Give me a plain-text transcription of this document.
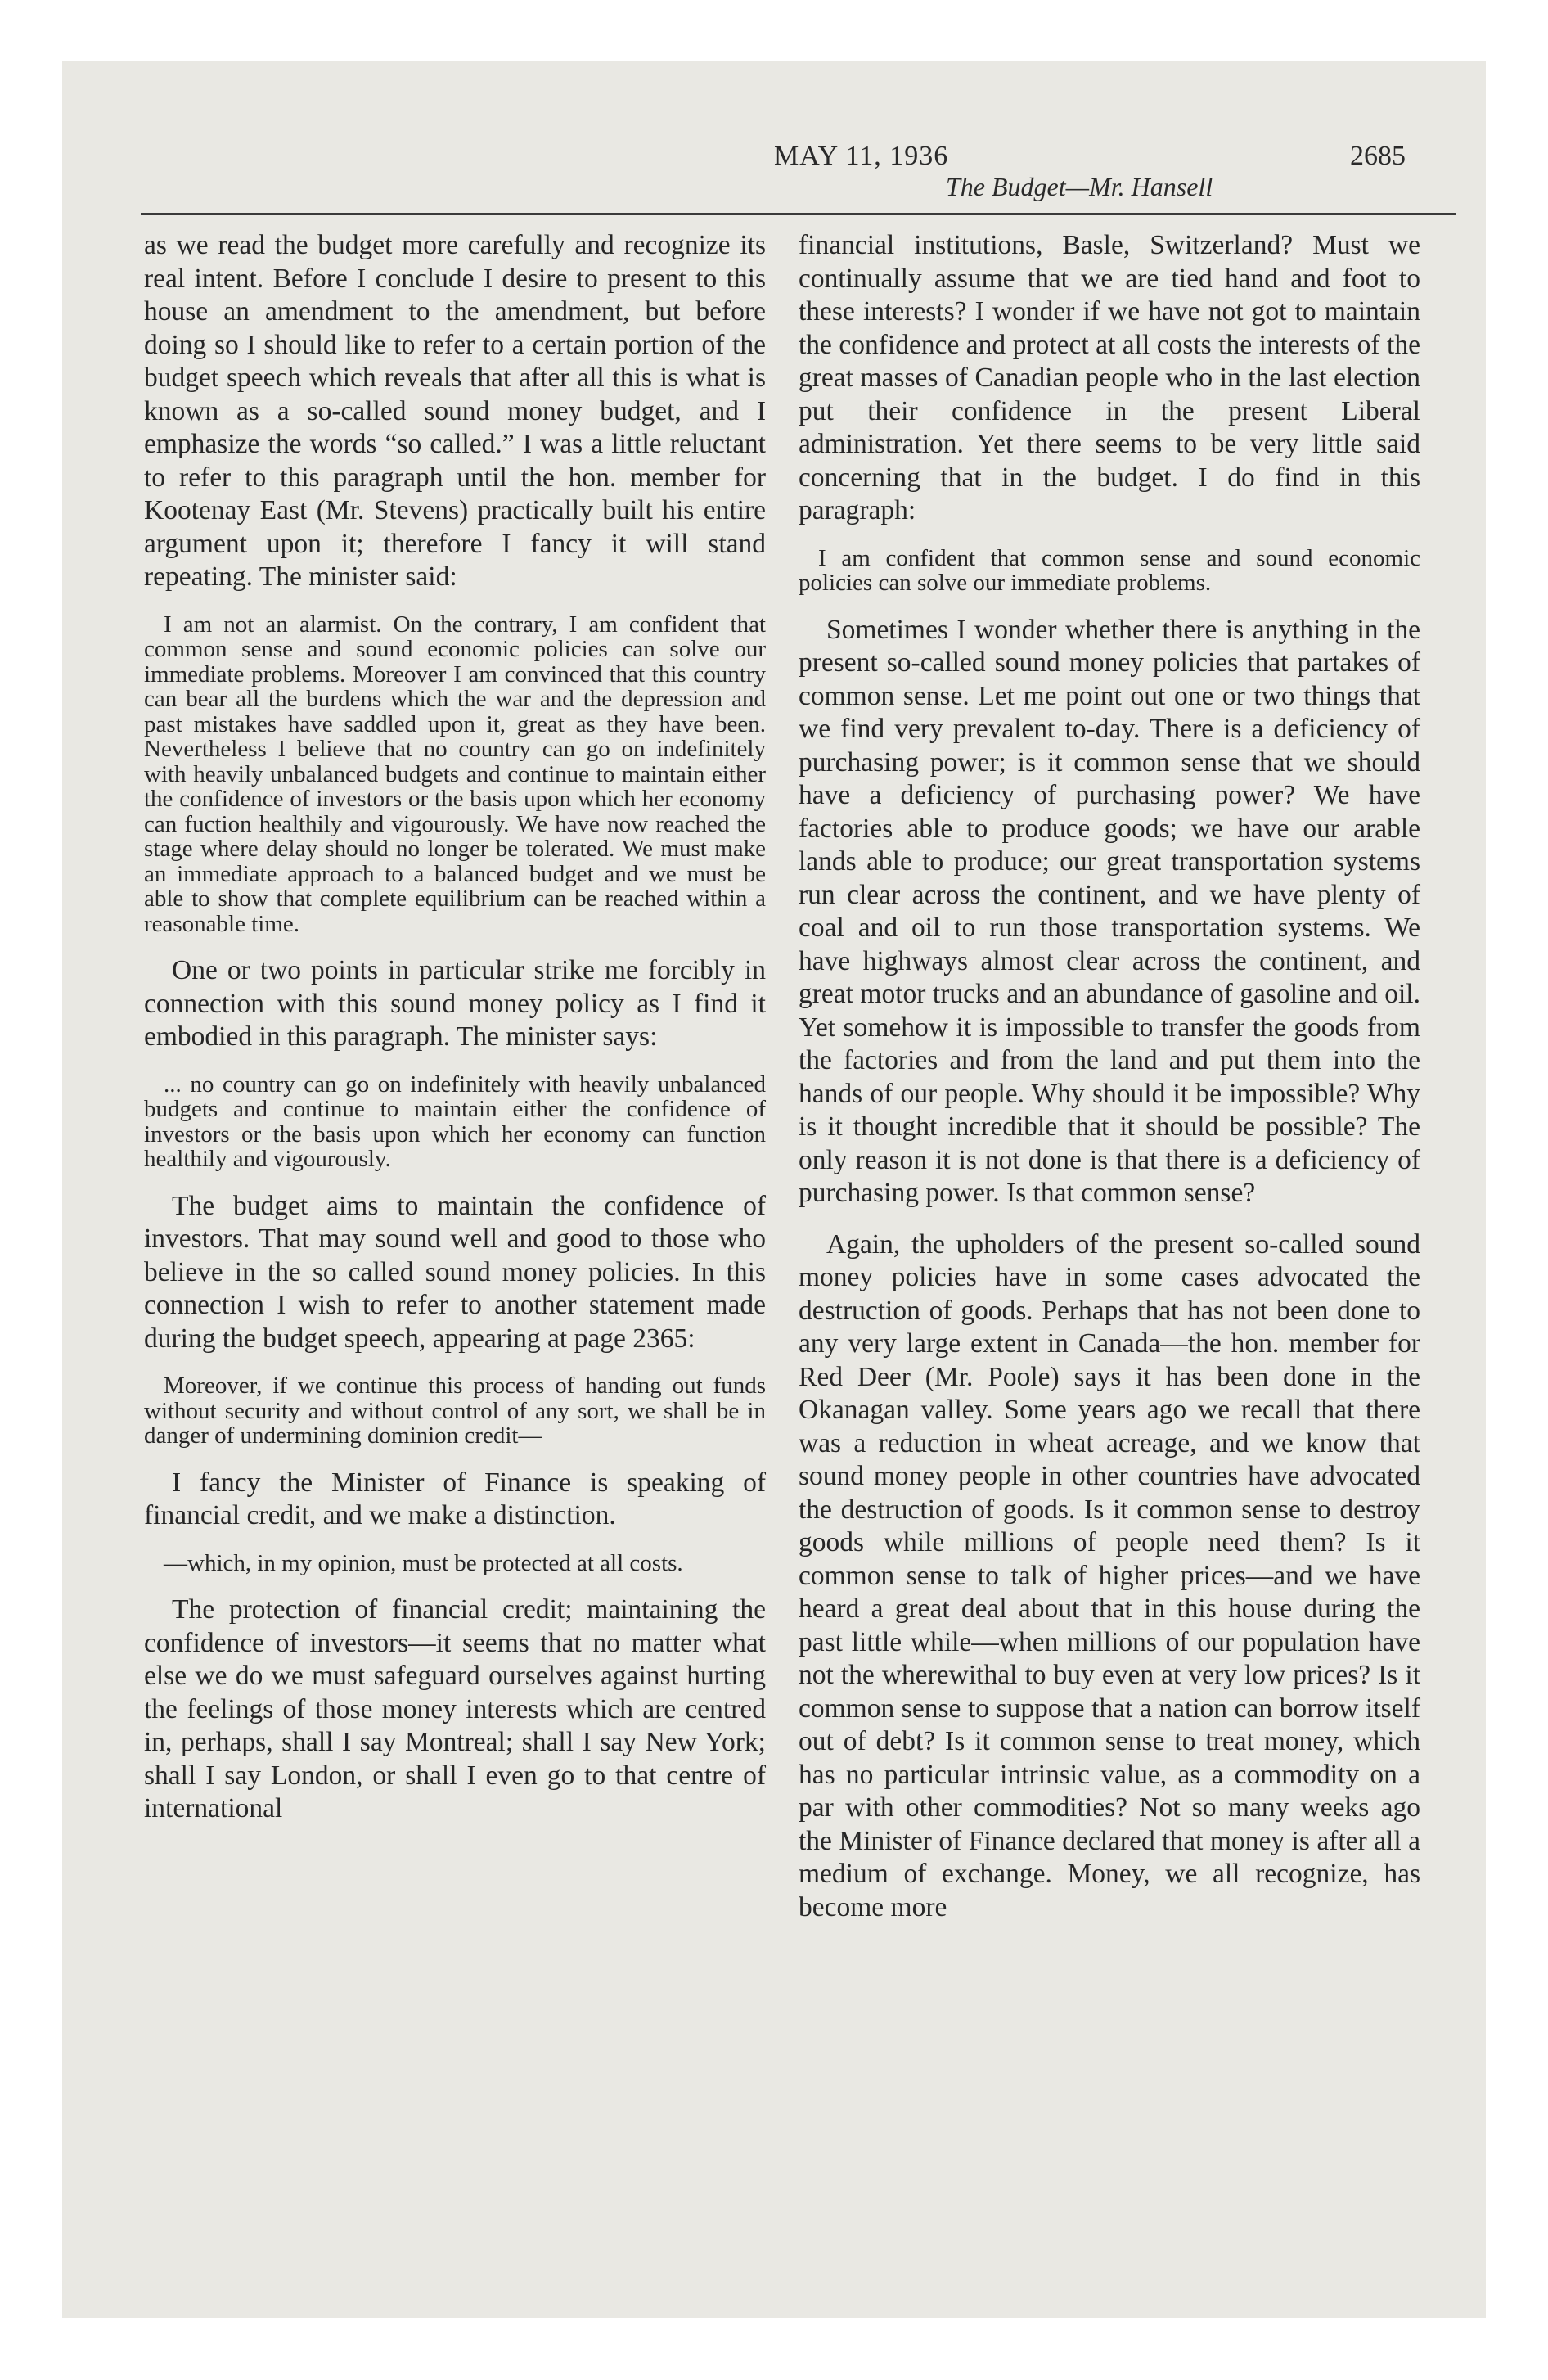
MAY 11, 1936
The Budget—Mr. Hansell
2685

as we read the budget more carefully and recognize its real intent. Before I conclude I desire to present to this house an amendment to the amendment, but before doing so I should like to refer to a certain portion of the budget speech which reveals that after all this is what is known as a so-called sound money budget, and I emphasize the words “so called.” I was a little reluctant to refer to this paragraph until the hon. member for Kootenay East (Mr. Stevens) practically built his entire argument upon it; therefore I fancy it will stand repeating. The minister said:

I am not an alarmist. On the contrary, I am confident that common sense and sound economic policies can solve our immediate problems. Moreover I am convinced that this country can bear all the burdens which the war and the depression and past mistakes have saddled upon it, great as they have been. Nevertheless I believe that no country can go on indefinitely with heavily unbalanced budgets and continue to maintain either the confidence of investors or the basis upon which her economy can fuction healthily and vigourously. We have now reached the stage where delay should no longer be tolerated. We must make an immediate approach to a balanced budget and we must be able to show that complete equilibrium can be reached within a reasonable time.

One or two points in particular strike me forcibly in connection with this sound money policy as I find it embodied in this paragraph. The minister says:

... no country can go on indefinitely with heavily unbalanced budgets and continue to maintain either the confidence of investors or the basis upon which her economy can function healthily and vigourously.

The budget aims to maintain the confidence of investors. That may sound well and good to those who believe in the so called sound money policies. In this connection I wish to refer to another statement made during the budget speech, appearing at page 2365:

Moreover, if we continue this process of handing out funds without security and without control of any sort, we shall be in danger of undermining dominion credit—

I fancy the Minister of Finance is speaking of financial credit, and we make a distinction.

—which, in my opinion, must be protected at all costs.

The protection of financial credit; maintaining the confidence of investors—it seems that no matter what else we do we must safeguard ourselves against hurting the feelings of those money interests which are centred in, perhaps, shall I say Montreal; shall I say New York; shall I say London, or shall I even go to that centre of international

financial institutions, Basle, Switzerland? Must we continually assume that we are tied hand and foot to these interests? I wonder if we have not got to maintain the confidence and protect at all costs the interests of the great masses of Canadian people who in the last election put their confidence in the present Liberal administration. Yet there seems to be very little said concerning that in the budget. I do find in this paragraph:

I am confident that common sense and sound economic policies can solve our immediate problems.

Sometimes I wonder whether there is anything in the present so-called sound money policies that partakes of common sense. Let me point out one or two things that we find very prevalent to-day. There is a deficiency of purchasing power; is it common sense that we should have a deficiency of purchasing power? We have factories able to produce goods; we have our arable lands able to produce; our great transportation systems run clear across the continent, and we have plenty of coal and oil to run those transportation systems. We have highways almost clear across the continent, and great motor trucks and an abundance of gasoline and oil. Yet somehow it is impossible to transfer the goods from the factories and from the land and put them into the hands of our people. Why should it be impossible? Why is it thought incredible that it should be possible? The only reason it is not done is that there is a deficiency of purchasing power. Is that common sense?

Again, the upholders of the present so-called sound money policies have in some cases advocated the destruction of goods. Perhaps that has not been done to any very large extent in Canada—the hon. member for Red Deer (Mr. Poole) says it has been done in the Okanagan valley. Some years ago we recall that there was a reduction in wheat acreage, and we know that sound money people in other countries have advocated the destruction of goods. Is it common sense to destroy goods while millions of people need them? Is it common sense to talk of higher prices—and we have heard a great deal about that in this house during the past little while—when millions of our population have not the wherewithal to buy even at very low prices? Is it common sense to suppose that a nation can borrow itself out of debt? Is it common sense to treat money, which has no particular intrinsic value, as a commodity on a par with other commodities? Not so many weeks ago the Minister of Finance declared that money is after all a medium of exchange. Money, we all recognize, has become more
